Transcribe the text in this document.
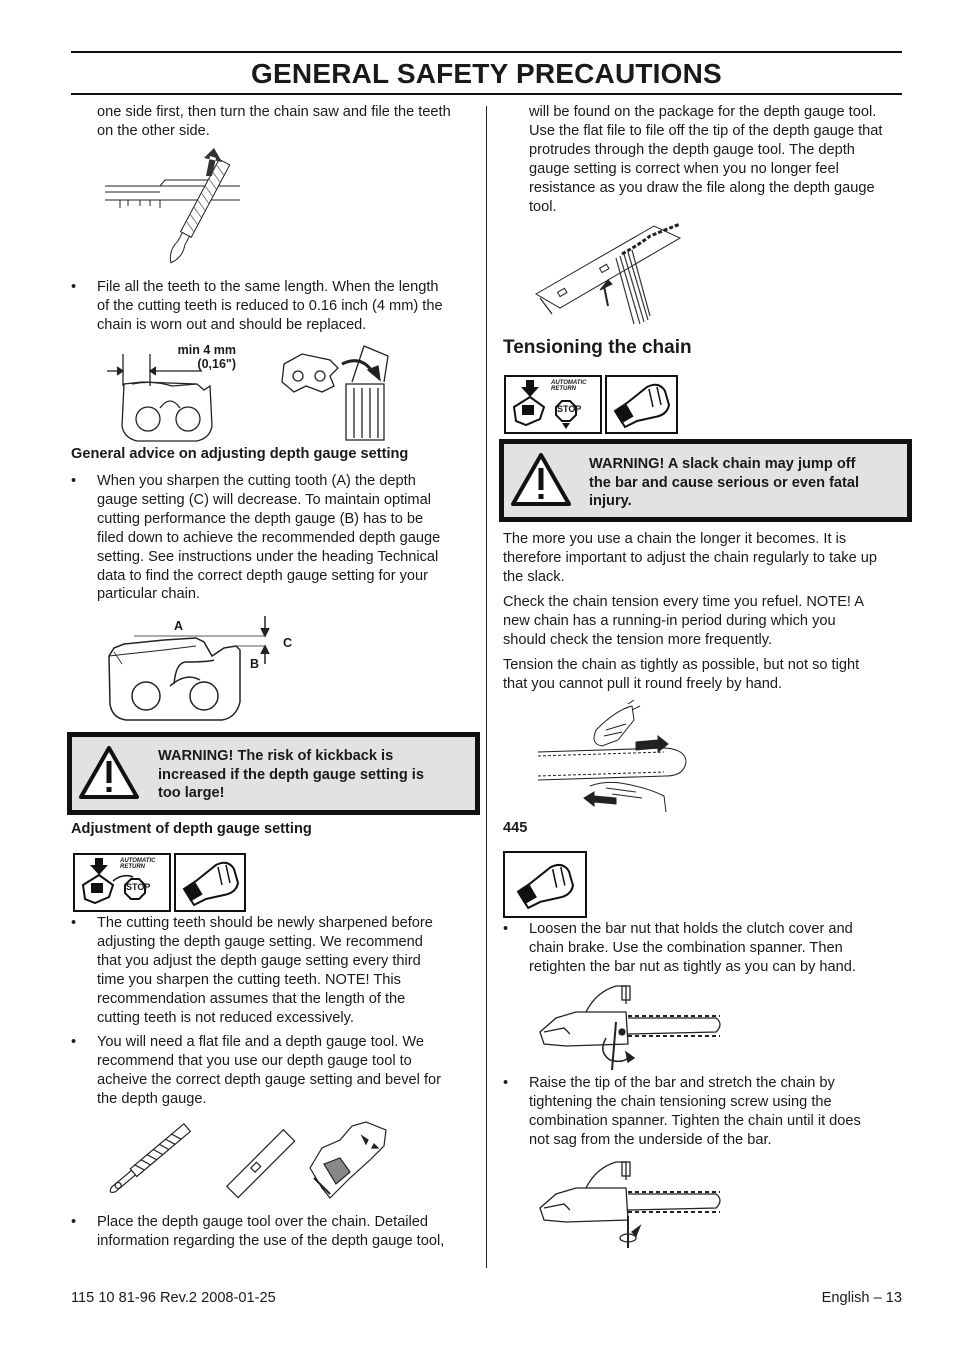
GENERAL SAFETY PRECAUTIONS
one side first, then turn the chain saw and file the teeth
on the other side.
• File all the teeth to the same length. When the length
of the cutting teeth is reduced to 0.16 inch (4 mm) the
chain is worn out and should be replaced.
min 4 mm
(0,16")
General advice on adjusting depth gauge setting
• When you sharpen the cutting tooth (A) the depth
gauge setting (C) will decrease. To maintain optimal
cutting performance the depth gauge (B) has to be
filed down to achieve the recommended depth gauge
setting. See instructions under the heading Technical
data to find the correct depth gauge setting for your
particular chain.
A
C
B
WARNING! The risk of kickback is
increased if the depth gauge setting is
too large!
Adjustment of depth gauge setting
AUTOMATIC
RETURN
STOP
• The cutting teeth should be newly sharpened before
adjusting the depth gauge setting. We recommend
that you adjust the depth gauge setting every third
time you sharpen the cutting teeth. NOTE! This
recommendation assumes that the length of the
cutting teeth is not reduced excessively.
• You will need a flat file and a depth gauge tool. We
recommend that you use our depth gauge tool to
acheive the correct depth gauge setting and bevel for
the depth gauge.
• Place the depth gauge tool over the chain. Detailed
information regarding the use of the depth gauge tool,
will be found on the package for the depth gauge tool.
Use the flat file to file off the tip of the depth gauge that
protrudes through the depth gauge tool. The depth
gauge setting is correct when you no longer feel
resistance as you draw the file along the depth gauge
tool.
Tensioning the chain
AUTOMATIC
RETURN
STOP
WARNING! A slack chain may jump off
the bar and cause serious or even fatal
injury.
The more you use a chain the longer it becomes. It is
therefore important to adjust the chain regularly to take up
the slack.
Check the chain tension every time you refuel. NOTE! A
new chain has a running-in period during which you
should check the tension more frequently.
Tension the chain as tightly as possible, but not so tight
that you cannot pull it round freely by hand.
445
• Loosen the bar nut that holds the clutch cover and
chain brake. Use the combination spanner. Then
retighten the bar nut as tightly as you can by hand.
• Raise the tip of the bar and stretch the chain by
tightening the chain tensioning screw using the
combination spanner. Tighten the chain until it does
not sag from the underside of the bar.
115 10 81-96 Rev.2 2008-01-25	English – 13
